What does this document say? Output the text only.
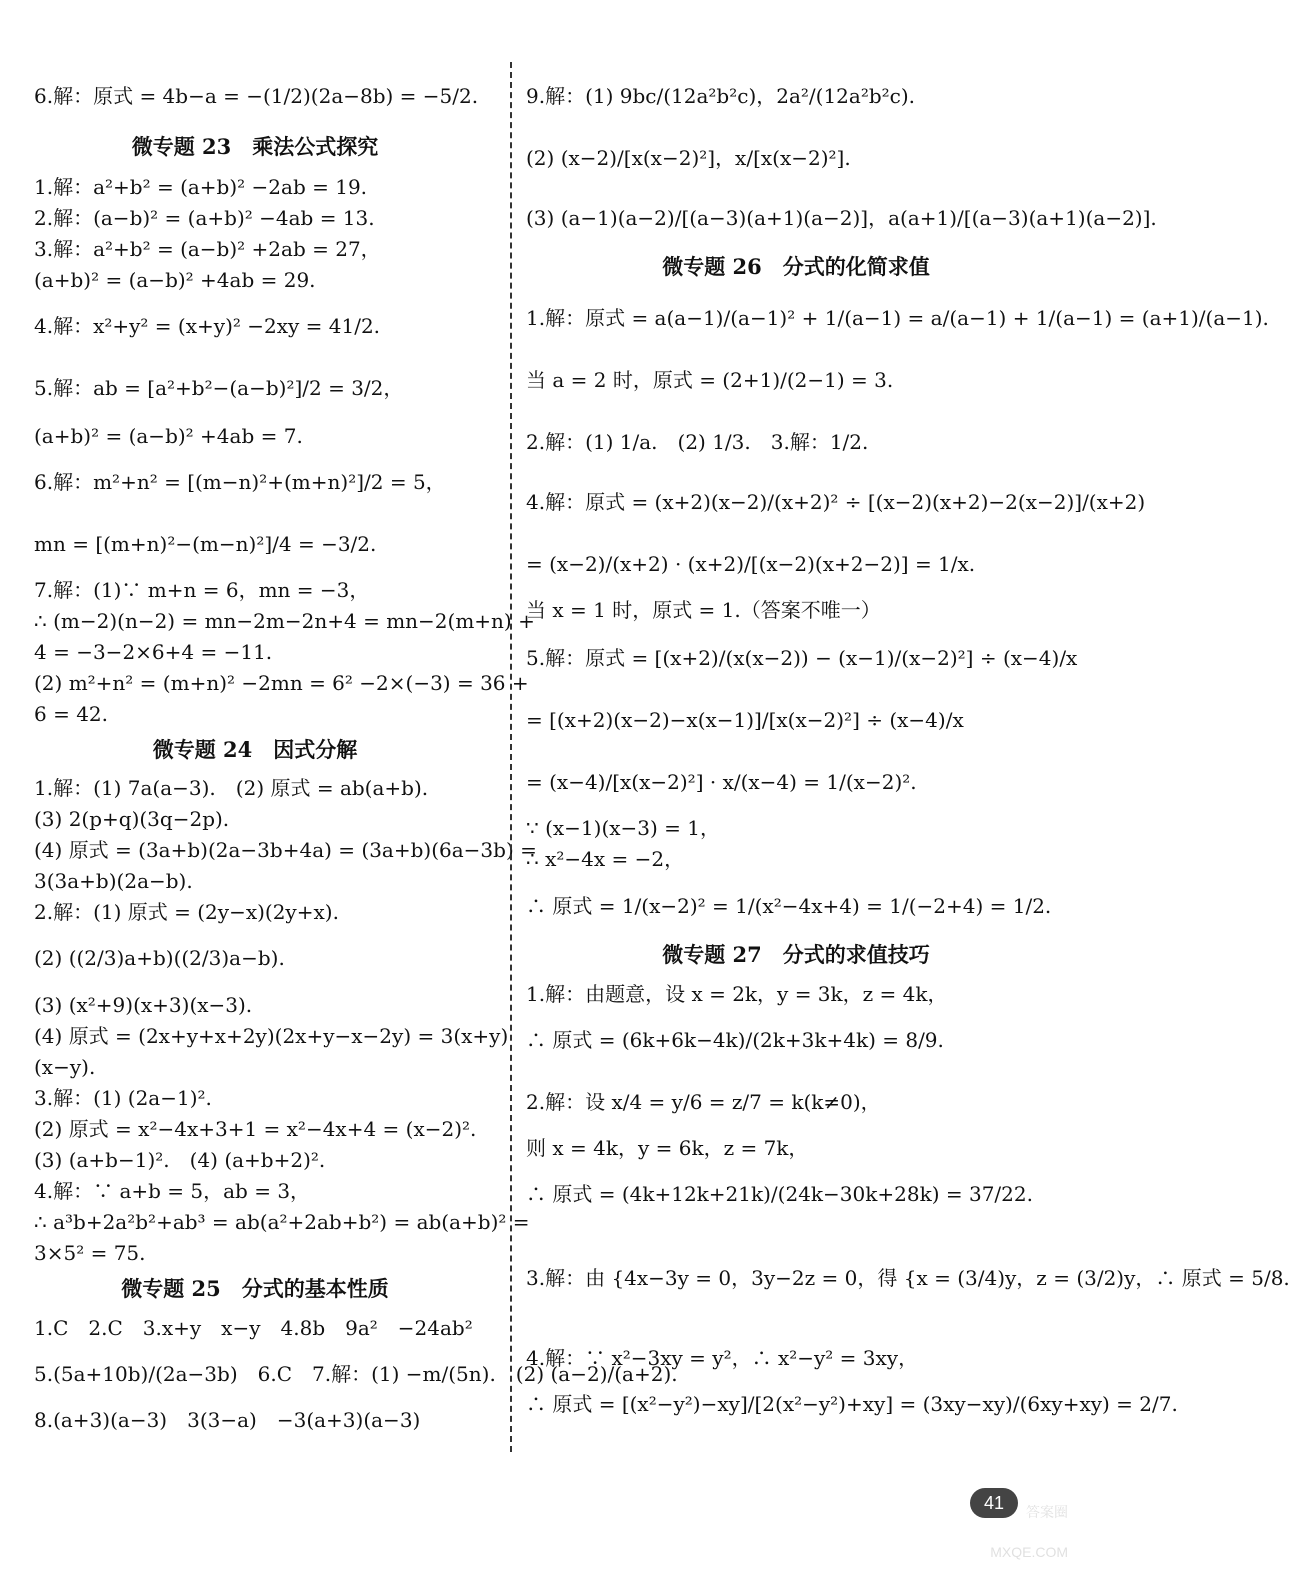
6.解：原式 = 4b−a = −(1/2)(2a−8b) = −5/2.
微专题 23　乘法公式探究
1.解：a²+b² = (a+b)² −2ab = 19.
2.解：(a−b)² = (a+b)² −4ab = 13.
3.解：a²+b² = (a−b)² +2ab = 27，
(a+b)² = (a−b)² +4ab = 29.
4.解：x²+y² = (x+y)² −2xy = 41/2.
5.解：ab = [a²+b²−(a−b)²]/2 = 3/2，
(a+b)² = (a−b)² +4ab = 7.
6.解：m²+n² = [(m−n)²+(m+n)²]/2 = 5，
mn = [(m+n)²−(m−n)²]/4 = −3/2.
7.解：(1)∵ m+n = 6，mn = −3，
∴ (m−2)(n−2) = mn−2m−2n+4 = mn−2(m+n) +
4 = −3−2×6+4 = −11.
(2) m²+n² = (m+n)² −2mn = 6² −2×(−3) = 36 +
6 = 42.
微专题 24　因式分解
1.解：(1) 7a(a−3).　(2) 原式 = ab(a+b).
(3) 2(p+q)(3q−2p).
(4) 原式 = (3a+b)(2a−3b+4a) = (3a+b)(6a−3b) =
3(3a+b)(2a−b).
2.解：(1) 原式 = (2y−x)(2y+x).
(2) ((2/3)a+b)((2/3)a−b).
(3) (x²+9)(x+3)(x−3).
(4) 原式 = (2x+y+x+2y)(2x+y−x−2y) = 3(x+y)
(x−y).
3.解：(1) (2a−1)².
(2) 原式 = x²−4x+3+1 = x²−4x+4 = (x−2)².
(3) (a+b−1)².　(4) (a+b+2)².
4.解：∵ a+b = 5，ab = 3，
∴ a³b+2a²b²+ab³ = ab(a²+2ab+b²) = ab(a+b)² =
3×5² = 75.
微专题 25　分式的基本性质
1.C　2.C　3.x+y　x−y　4.8b　9a²　−24ab²
5.(5a+10b)/(2a−3b)　6.C　7.解：(1) −m/(5n).　(2) (a−2)/(a+2).
8.(a+3)(a−3)　3(3−a)　−3(a+3)(a−3)
9.解：(1) 9bc/(12a²b²c)，2a²/(12a²b²c).
(2) (x−2)/[x(x−2)²]，x/[x(x−2)²].
(3) (a−1)(a−2)/[(a−3)(a+1)(a−2)]，a(a+1)/[(a−3)(a+1)(a−2)].
微专题 26　分式的化简求值
1.解：原式 = a(a−1)/(a−1)² + 1/(a−1) = a/(a−1) + 1/(a−1) = (a+1)/(a−1).
当 a = 2 时，原式 = (2+1)/(2−1) = 3.
2.解：(1) 1/a.　(2) 1/3.　3.解：1/2.
4.解：原式 = (x+2)(x−2)/(x+2)² ÷ [(x−2)(x+2)−2(x−2)]/(x+2)
= (x−2)/(x+2) · (x+2)/[(x−2)(x+2−2)] = 1/x.
当 x = 1 时，原式 = 1.（答案不唯一）
5.解：原式 = [(x+2)/(x(x−2)) − (x−1)/(x−2)²] ÷ (x−4)/x
= [(x+2)(x−2)−x(x−1)]/[x(x−2)²] ÷ (x−4)/x
= (x−4)/[x(x−2)²] · x/(x−4) = 1/(x−2)².
∵ (x−1)(x−3) = 1，
∴ x²−4x = −2，
∴ 原式 = 1/(x−2)² = 1/(x²−4x+4) = 1/(−2+4) = 1/2.
微专题 27　分式的求值技巧
1.解：由题意，设 x = 2k，y = 3k，z = 4k，
∴ 原式 = (6k+6k−4k)/(2k+3k+4k) = 8/9.
2.解：设 x/4 = y/6 = z/7 = k(k≠0)，
则 x = 4k，y = 6k，z = 7k，
∴ 原式 = (4k+12k+21k)/(24k−30k+28k) = 37/22.
3.解：由 {4x−3y = 0，3y−2z = 0，得 {x = (3/4)y，z = (3/2)y，∴ 原式 = 5/8.
4.解：∵ x²−3xy = y²，∴ x²−y² = 3xy，
∴ 原式 = [(x²−y²)−xy]/[2(x²−y²)+xy] = (3xy−xy)/(6xy+xy) = 2/7.
41	答案圈 MXQE.COM
